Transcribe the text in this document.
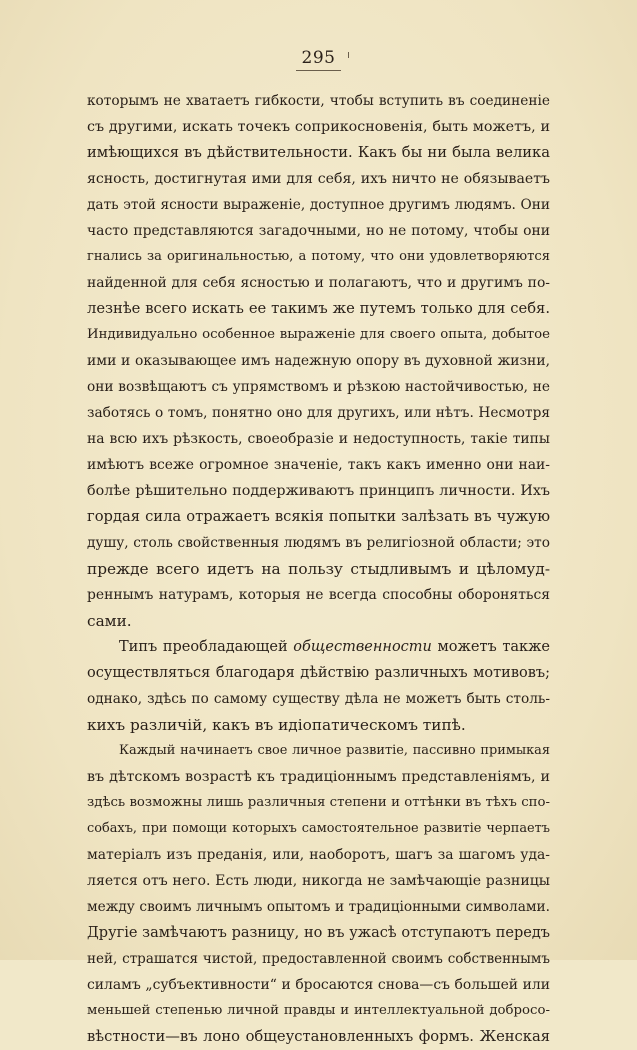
295
которымъ не хватаетъ гибкости, чтобы вступить въ соединеніе
съ другими, искать точекъ соприкосновенія, быть можетъ, и
имѣющихся въ дѣйствительности. Какъ бы ни была велика
ясность, достигнутая ими для себя, ихъ ничто не обязываетъ
дать этой ясности выраженіе, доступное другимъ людямъ. Они
часто представляются загадочными, но не потому, чтобы они
гнались за оригинальностью, а потому, что они удовлетворяются
найденной для себя ясностью и полагаютъ, что и другимъ по-
лезнѣе всего искать ее такимъ же путемъ только для себя.
Индивидуально особенное выраженіе для своего опыта, добытое
ими и оказывающее имъ надежную опору въ духовной жизни,
они возвѣщаютъ съ упрямствомъ и рѣзкою настойчивостью, не
заботясь о томъ, понятно оно для другихъ, или нѣтъ. Несмотря
на всю ихъ рѣзкость, своеобразіе и недоступность, такіе типы
имѣютъ всеже огромное значеніе, такъ какъ именно они наи-
болѣе рѣшительно поддерживаютъ принципъ личности. Ихъ
гордая сила отражаетъ всякія попытки залѣзать въ чужую
душу, столь свойственныя людямъ въ религіозной области; это
прежде всего идетъ на пользу стыдливымъ и цѣломуд-
реннымъ натурамъ, которыя не всегда способны обороняться
сами.
Типъ преобладающей общественности можетъ также
осуществляться благодаря дѣйствію различныхъ мотивовъ;
однако, здѣсь по самому существу дѣла не можетъ быть столь-
кихъ различій, какъ въ идіопатическомъ типѣ.
Каждый начинаетъ свое личное развитіе, пассивно примыкая
въ дѣтскомъ возрастѣ къ традиціоннымъ представленіямъ, и
здѣсь возможны лишь различныя степени и оттѣнки въ тѣхъ спо-
собахъ, при помощи которыхъ самостоятельное развитіе черпаетъ
матеріалъ изъ преданія, или, наоборотъ, шагъ за шагомъ уда-
ляется отъ него. Есть люди, никогда не замѣчающіе разницы
между своимъ личнымъ опытомъ и традиціонными символами.
Другіе замѣчаютъ разницу, но въ ужасѣ отступаютъ передъ
ней, страшатся чистой, предоставленной своимъ собственнымъ
силамъ „субъективности“ и бросаются снова—съ большей или
меньшей степенью личной правды и интеллектуальной добросо-
вѣстности—въ лоно общеустановленныхъ формъ. Женская
